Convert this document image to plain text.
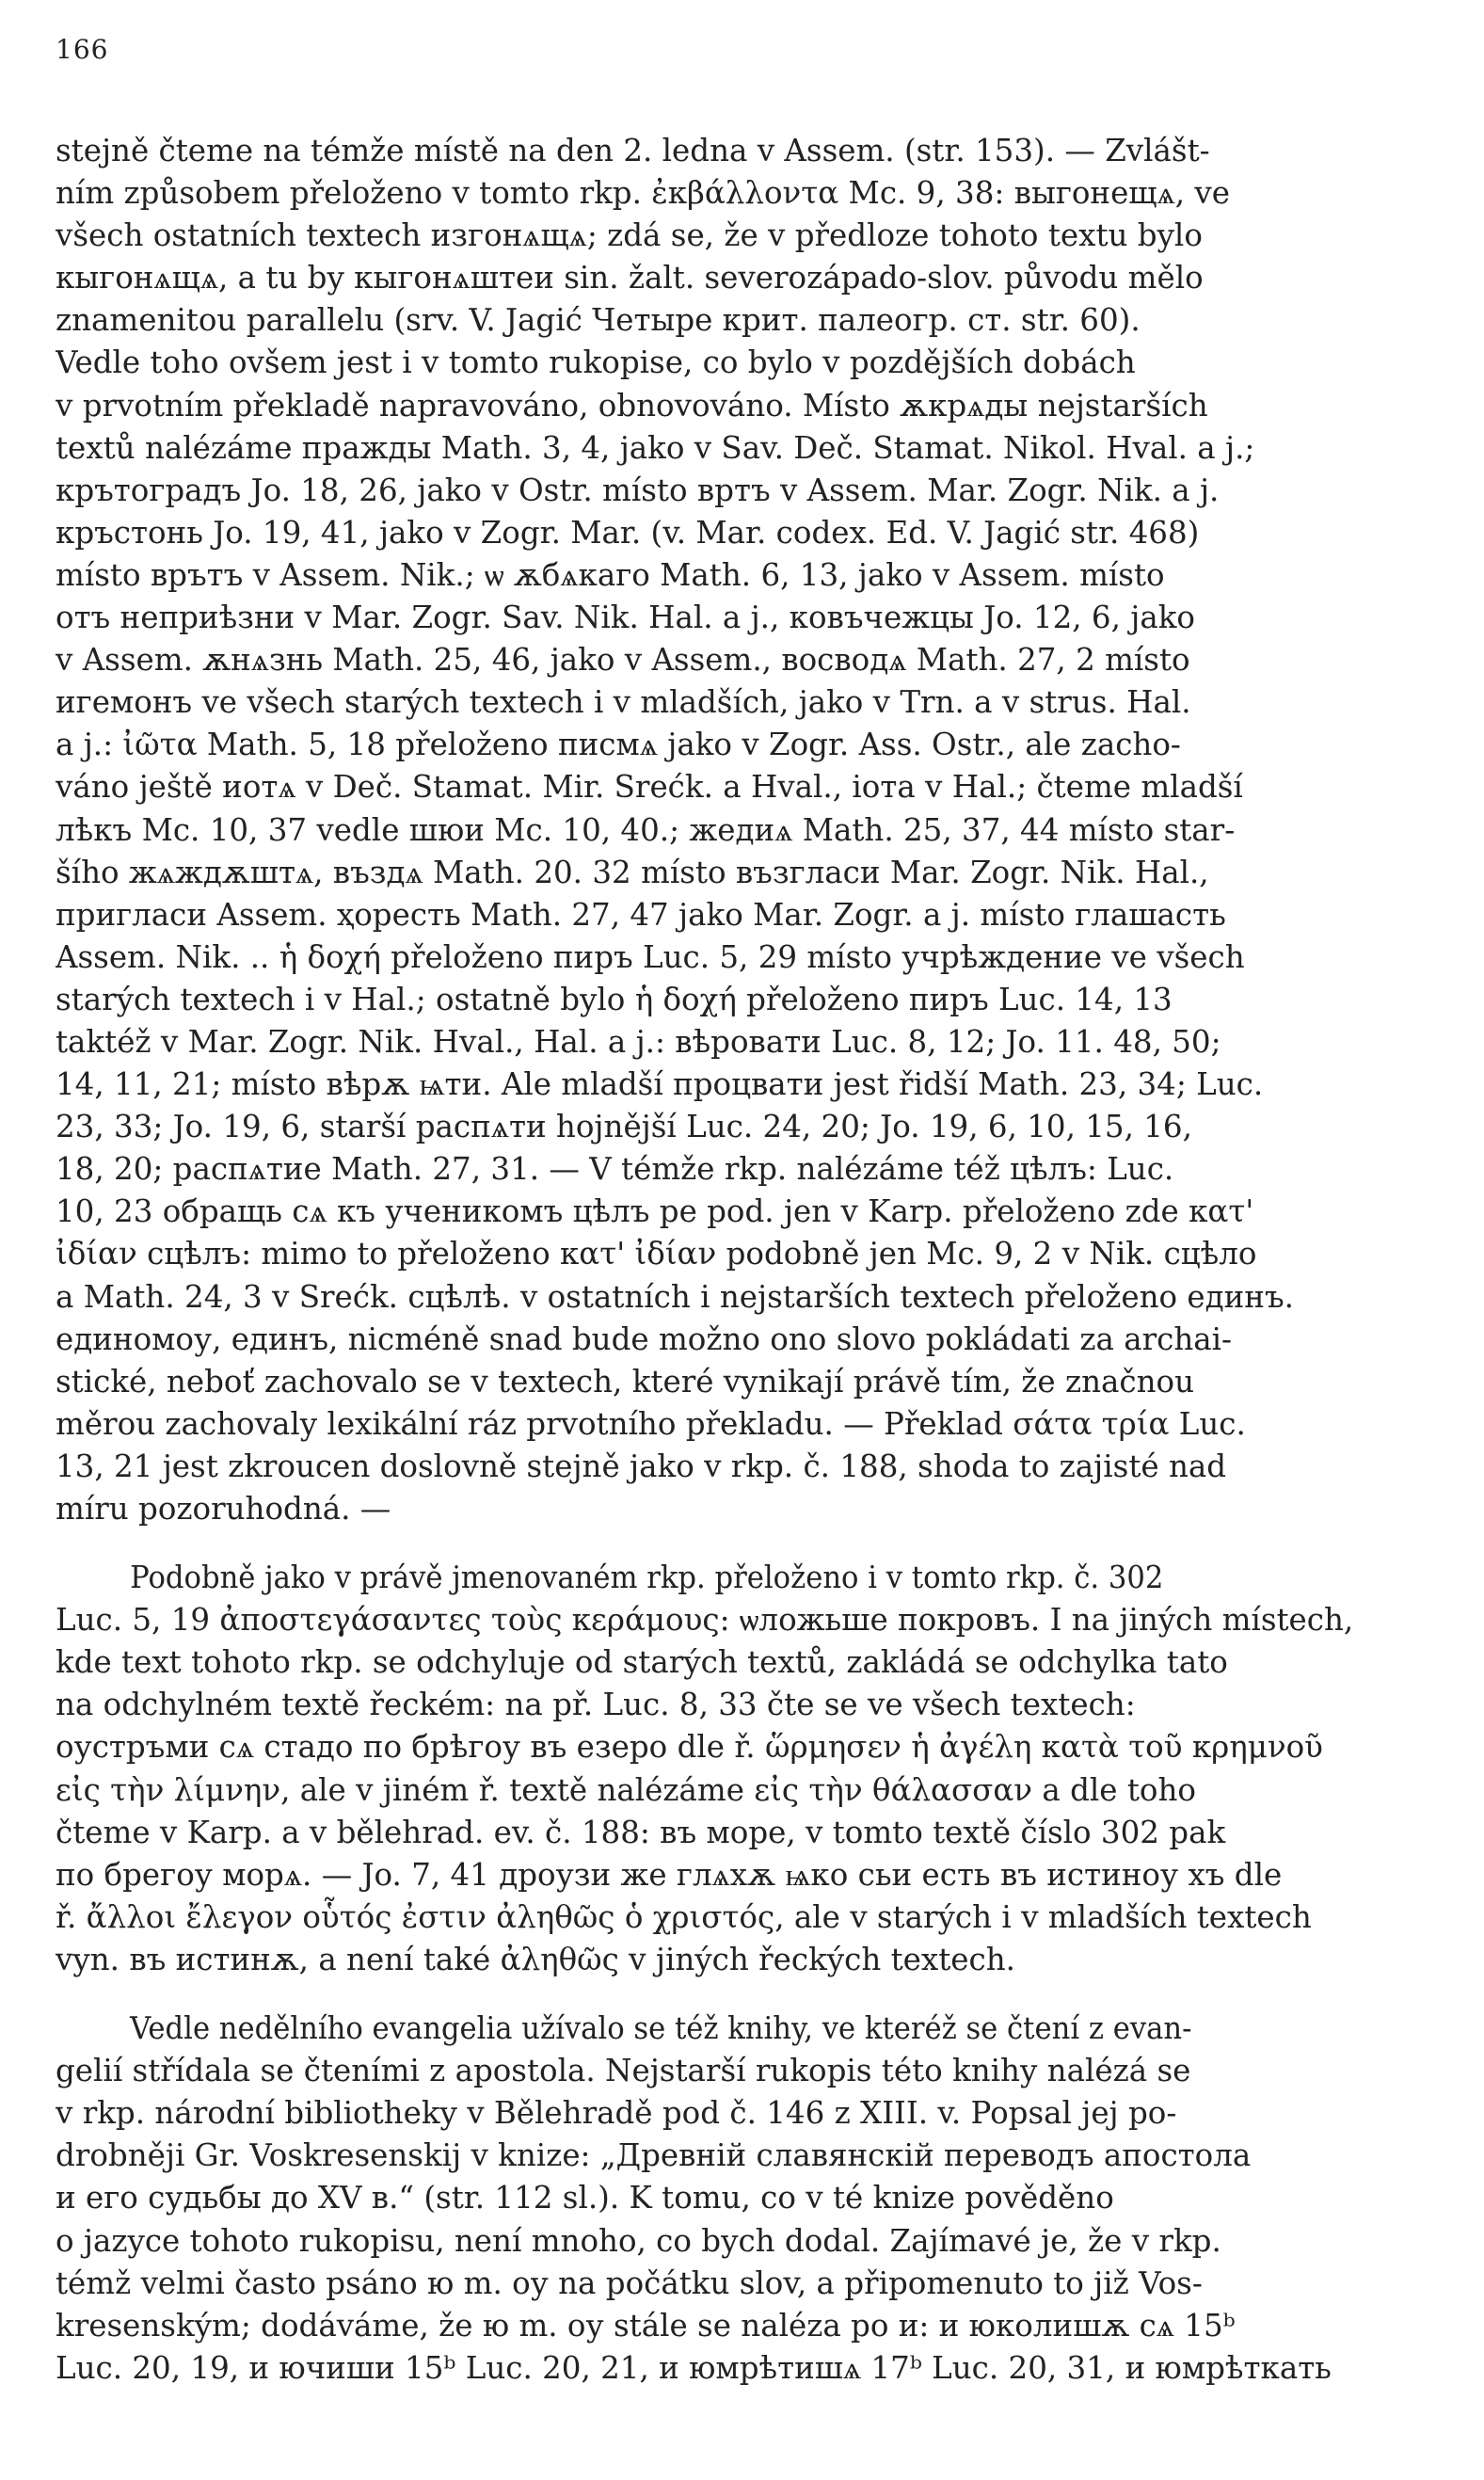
166
stejně čteme na témže místě na den 2. ledna v Assem. (str. 153). — Zvlášt-
ním způsobem přeloženo v tomto rkp. ἐκβάλλοντα Mc. 9, 38: выгонещѧ, ve
všech ostatních textech изгонѧщѧ; zdá se, že v předloze tohoto textu bylo
кыгонѧщѧ, a tu by кыгонѧштеи sin. žalt. severozápado-slov. původu mělo
znamenitou parallelu (srv. V. Jagić Четыре крит. палеогр. ст. str. 60).
Vedle toho ovšem jest i v tomto rukopise, co bylo v pozdějších dobách
v prvotním překladě napravováno, obnovováno. Místo ѫкрѧды nejstarších
textů nalézáme пражды Math. 3, 4, jako v Sav. Deč. Stamat. Nikol. Hval. a j.;
крътоградъ Jo. 18, 26, jako v Ostr. místo вртъ v Assem. Mar. Zogr. Nik. a j.
кръстонь Jo. 19, 41, jako v Zogr. Mar. (v. Mar. codex. Ed. V. Jagić str. 468)
místo врътъ v Assem. Nik.; ѡ ѫбѧкаго Math. 6, 13, jako v Assem. místo
отъ неприѣзни v Mar. Zogr. Sav. Nik. Hal. a j., ковъчежцы Jo. 12, 6, jako
v Assem. ѫнѧзнь Math. 25, 46, jako v Assem., восводѧ Math. 27, 2 místo
игемонъ ve všech starých textech i v mladších, jako v Trn. a v strus. Hal.
a j.: ἰῶτα Math. 5, 18 přeloženo писмѧ jako v Zogr. Ass. Ostr., ale zacho-
váno ještě иотѧ v Deč. Stamat. Mir. Srećk. a Hval., іота v Hal.; čteme mladší
лѣкъ Mc. 10, 37 vedle шюи Mc. 10, 40.; жедиѧ Math. 25, 37, 44 místo star-
šího жѧждѫштѧ, въздѧ Math. 20. 32 místo възгласи Mar. Zogr. Nik. Hal.,
приглаcи Assem. ҳоресть Math. 27, 47 jako Mar. Zogr. a j. místo глашасть
Assem. Nik. .. ἡ δοχή přeloženo пиръ Luc. 5, 29 místo учрѣждение ve všech
starých textech i v Hal.; ostatně bylo ἡ δοχή přeloženo пиръ Luc. 14, 13
taktéž v Mar. Zogr. Nik. Hval., Hal. a j.: вѣровати Luc. 8, 12; Jo. 11. 48, 50;
14, 11, 21; místo вѣрѫ ѩти. Ale mladší процвати jest řidší Math. 23, 34; Luc.
23, 33; Jo. 19, 6, starší распѧти hojnější Luc. 24, 20; Jo. 19, 6, 10, 15, 16,
18, 20; распѧтие Math. 27, 31. — V témže rkp. nalézáme též цѣлъ: Luc.
10, 23 обращь сѧ къ ученикомъ цѣлъ ре pod. jen v Karp. přeloženo zde κατ'
ἰδίαν сцѣлъ: mimo to přeloženo κατ' ἰδίαν podobně jen Mc. 9, 2 v Nik. сцѣло
a Math. 24, 3 v Srećk. сцѣлѣ. v ostatních i nejstarších textech přeloženo единъ.
единомоу, единъ, nicméně snad bude možno ono slovo pokládati za archai-
stické, neboť zachovalo se v textech, které vynikají právě tím, že značnou
měrou zachovaly lexikální ráz prvotního překladu. — Překlad σάτα τρία Luc.
13, 21 jest zkroucen doslovně stejně jako v rkp. č. 188, shoda to zajisté nad
míru pozoruhodná. —
Podobně jako v právě jmenovaném rkp. přeloženo i v tomto rkp. č. 302
Luc. 5, 19 ἀποστεγάσαντες τοὺς κεράμους: ѡложьше покровъ. I na jiných místech,
kde text tohoto rkp. se odchyluje od starých textů, zakládá se odchylka tato
na odchylném textě řeckém: na př. Luc. 8, 33 čte se ve všech textech:
оустръми сѧ стадо по брѣгоу въ езеро dle ř. ὥρμησεν ἡ ἀγέλη κατὰ τοῦ κρημνοῦ
εἰς τὴν λίμνην, ale v jiném ř. textě nalézáme εἰς τὴν θάλασσαν a dle toho
čteme v Karp. a v bělehrad. ev. č. 188: въ море, v tomto textě číslo 302 pak
по брегоу морѧ. — Jo. 7, 41 дроузи же глѧхѫ ѩко сьи есть въ истиноу хъ dle
ř. ἄλλοι ἔλεγον οὗτός ἐστιν ἀληθῶς ὁ χριστός, ale v starých i v mladších textech
vyn. въ истинѫ, a není také ἀληθῶς v jiných řeckých textech.
Vedle nedělního evangelia užívalo se též knihy, ve kteréž se čtení z evan-
gelií střídala se čteními z apostola. Nejstarší rukopis této knihy nalézá se
v rkp. národní bibliotheky v Bělehradě pod č. 146 z XIII. v. Popsal jej po-
drobněji Gr. Voskresenskij v knize: „Древнiй славянскiй переводъ апостола
и его судьбы до XV в.“ (str. 112 sl.). K tomu, co v té knize pověděno
o jazyce tohoto rukopisu, není mnoho, co bych dodal. Zajímavé je, že v rkp.
témž velmi často psáno ю m. оу na počátku slov, a připomenuto to již Vos-
kresenským; dodáváme, že ю m. оу stále se naléza po и: и юколишѫ сѧ 15ᵇ
Luc. 20, 19, и ючиши 15ᵇ Luc. 20, 21, и юмрѣтишѧ 17ᵇ Luc. 20, 31, и юмрѣткать
